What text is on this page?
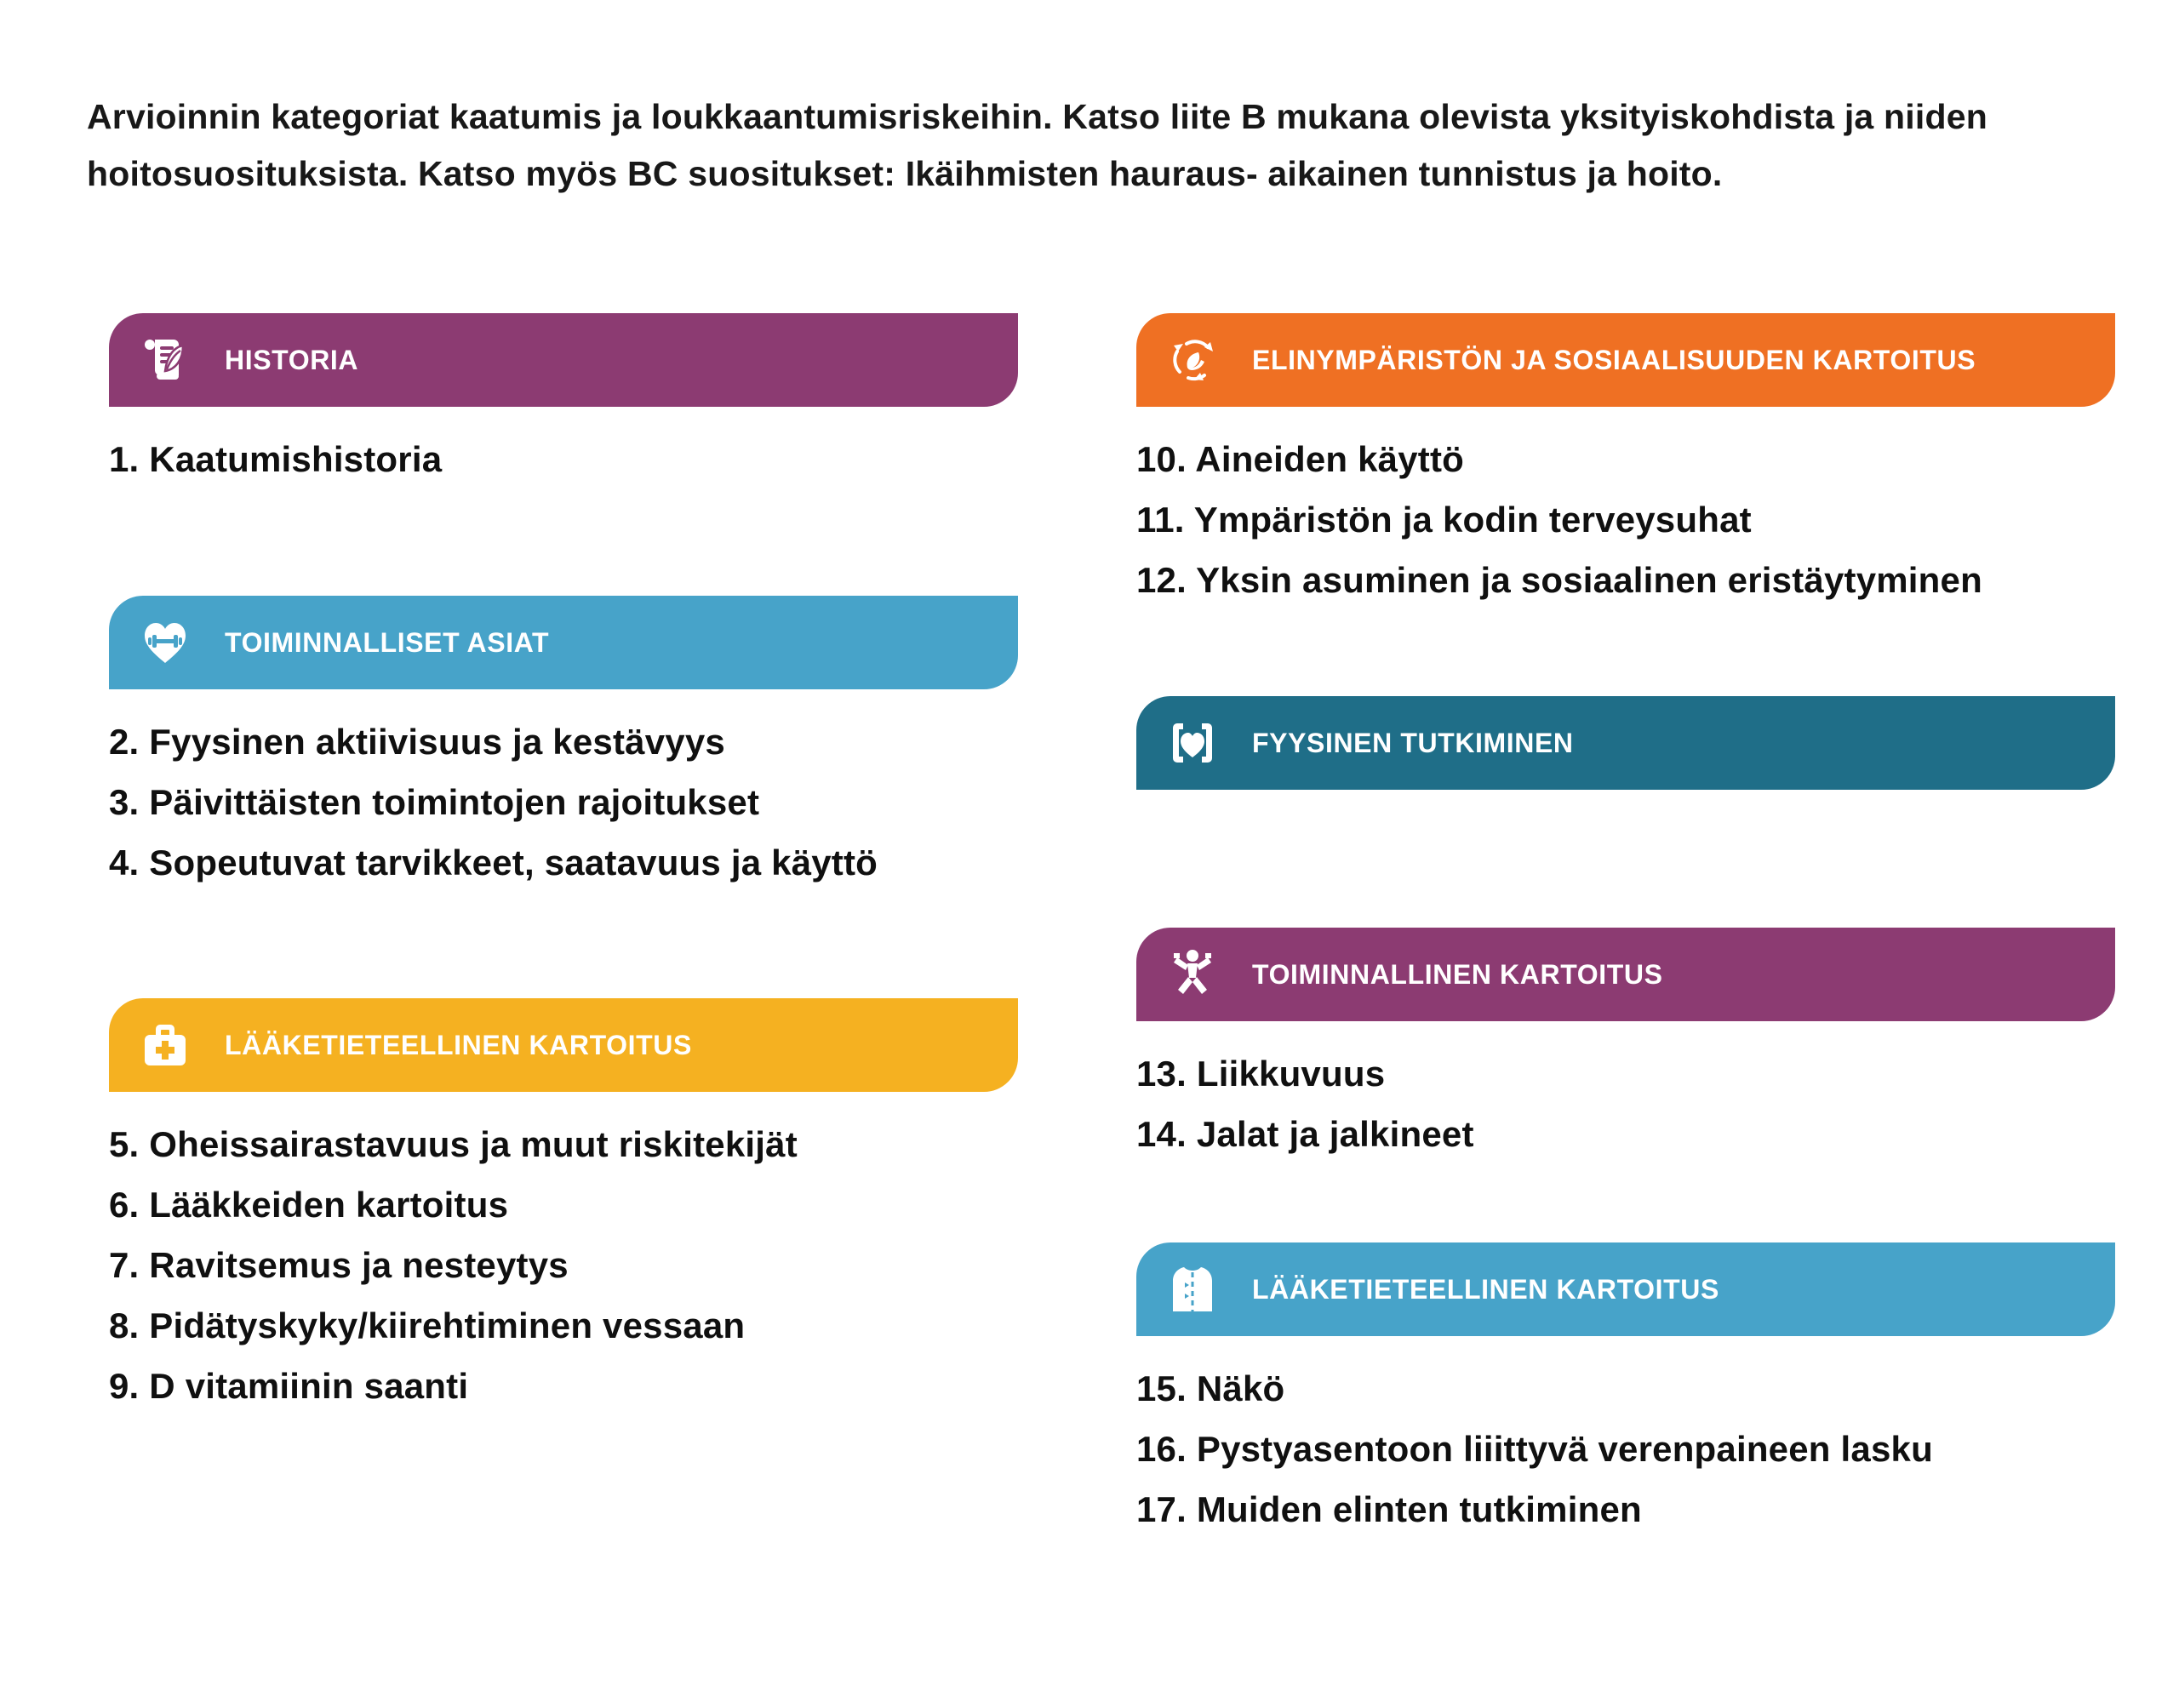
Arvioinnin kategoriat kaatumis ja loukkaantumisriskeihin. Katso liite B mukana olevista yksityiskohdista ja niiden hoitosuosituksista. Katso myös BC suositukset: Ikäihmisten hauraus- aikainen tunnistus ja hoito.
HISTORIA
1. Kaatumishistoria
TOIMINNALLISET ASIAT
2. Fyysinen aktiivisuus ja kestävyys
3. Päivittäisten toimintojen rajoitukset
4. Sopeutuvat tarvikkeet, saatavuus ja käyttö
LÄÄKETIETEELLINEN KARTOITUS
5. Oheissairastavuus ja muut riskitekijät
6. Lääkkeiden kartoitus
7. Ravitsemus ja nesteytys
8. Pidätyskyky/kiirehtiminen vessaan
9. D vitamiinin saanti
ELINYMPÄRISTÖN JA SOSIAALISUUDEN KARTOITUS
10. Aineiden käyttö
11. Ympäristön ja kodin terveysuhat
12. Yksin asuminen ja sosiaalinen eristäytyminen
FYYSINEN TUTKIMINEN
TOIMINNALLINEN KARTOITUS
13. Liikkuvuus
14. Jalat ja jalkineet
LÄÄKETIETEELLINEN KARTOITUS
15. Näkö
16. Pystyasentoon liiittyvä verenpaineen lasku
17. Muiden elinten tutkiminen
